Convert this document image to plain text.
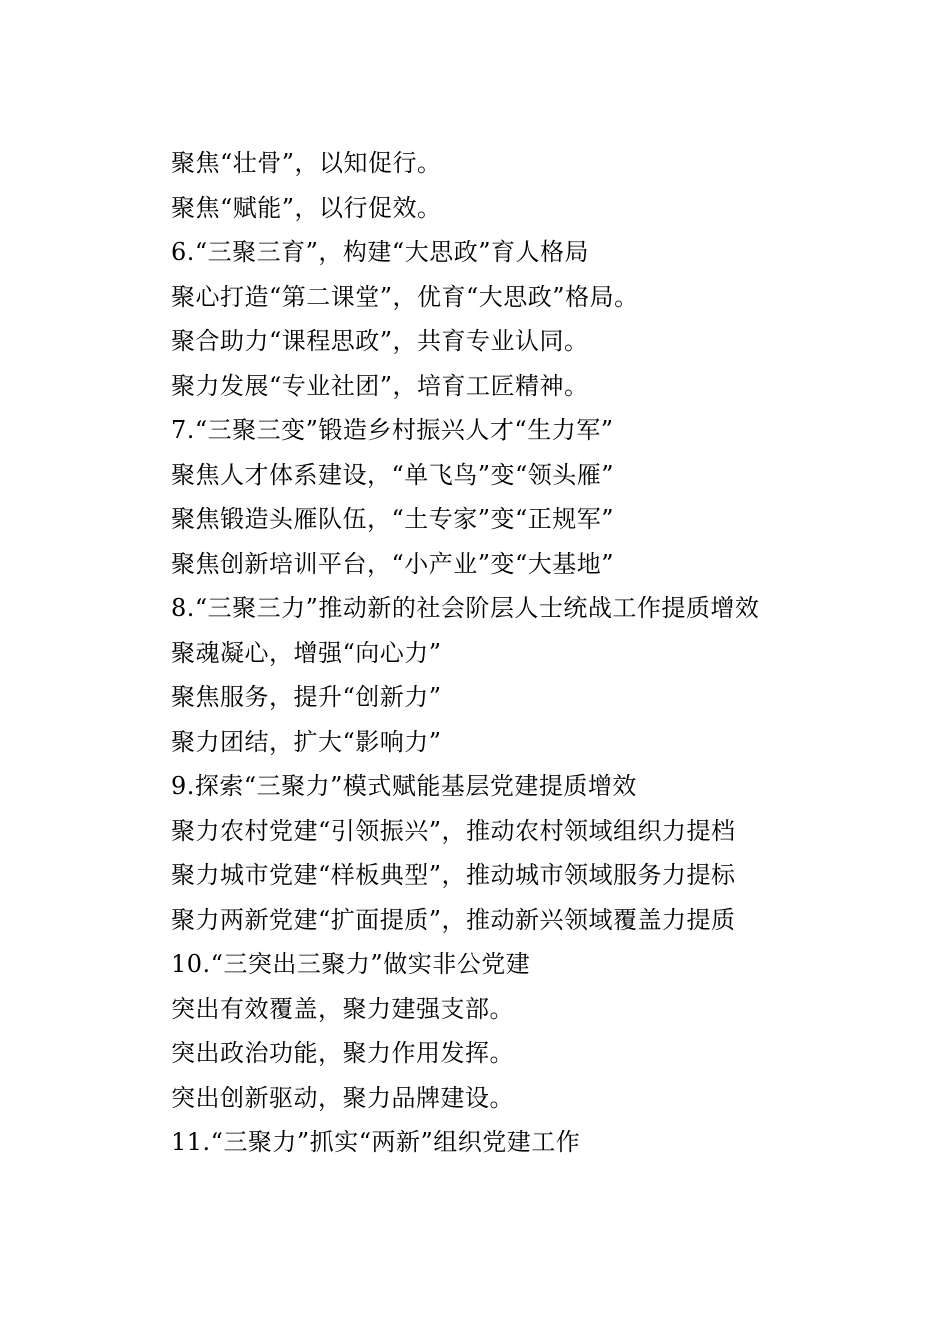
聚焦“壮骨”，以知促行。
聚焦“赋能”，以行促效。
6.“三聚三育”，构建“大思政”育人格局
聚心打造“第二课堂”，优育“大思政”格局。
聚合助力“课程思政”，共育专业认同。
聚力发展“专业社团”，培育工匠精神。
7.“三聚三变”锻造乡村振兴人才“生力军”
聚焦人才体系建设，“单飞鸟”变“领头雁”
聚焦锻造头雁队伍，“土专家”变“正规军”
聚焦创新培训平台，“小产业”变“大基地”
8.“三聚三力”推动新的社会阶层人士统战工作提质增效
聚魂凝心，增强“向心力”
聚焦服务，提升“创新力”
聚力团结，扩大“影响力”
9.探索“三聚力”模式赋能基层党建提质增效
聚力农村党建“引领振兴”，推动农村领域组织力提档
聚力城市党建“样板典型”，推动城市领域服务力提标
聚力两新党建“扩面提质”，推动新兴领域覆盖力提质
10.“三突出三聚力”做实非公党建
突出有效覆盖，聚力建强支部。
突出政治功能，聚力作用发挥。
突出创新驱动，聚力品牌建设。
11.“三聚力”抓实“两新”组织党建工作
